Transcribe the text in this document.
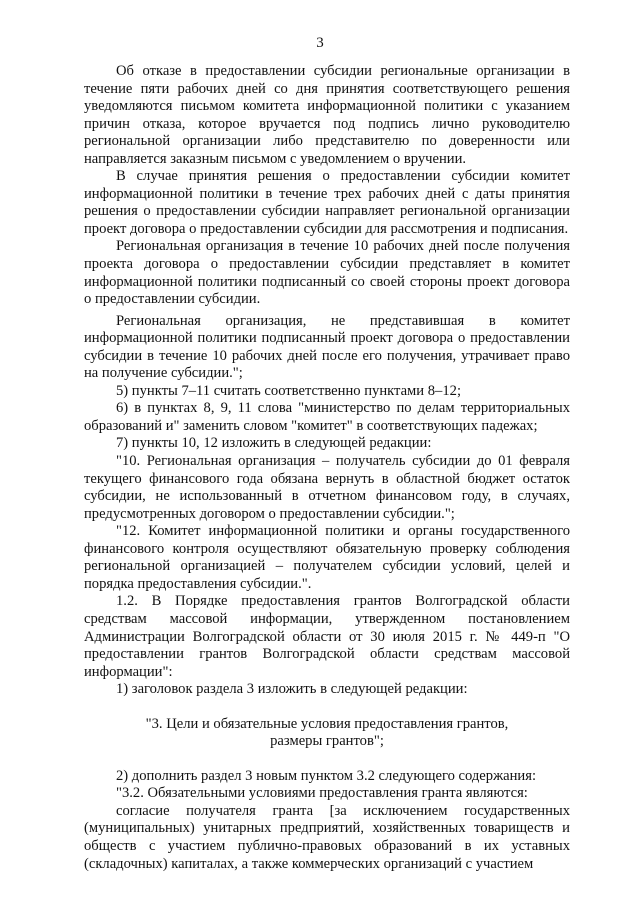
3

Об отказе в предоставлении субсидии региональные организации в течение пяти рабочих дней со дня принятия соответствующего решения уведомляются письмом комитета информационной политики с указанием причин отказа, которое вручается под подпись лично руководителю региональной организации либо представителю по доверенности или направляется заказным письмом с уведомлением о вручении.

В случае принятия решения о предоставлении субсидии комитет информационной политики в течение трех рабочих дней с даты принятия решения о предоставлении субсидии направляет региональной организации проект договора о предоставлении субсидии для рассмотрения и подписания.

Региональная организация в течение 10 рабочих дней после получения проекта договора о предоставлении субсидии представляет в комитет информационной политики подписанный со своей стороны проект договора о предоставлении субсидии.

Региональная организация, не представившая в комитет информационной политики подписанный проект договора о предоставлении субсидии в течение 10 рабочих дней после его получения, утрачивает право на получение субсидии.";

5) пункты 7–11 считать соответственно пунктами 8–12;

6) в пунктах 8, 9, 11 слова "министерство по делам территориальных образований и" заменить словом "комитет" в соответствующих падежах;

7) пункты 10, 12 изложить в следующей редакции:

"10. Региональная организация – получатель субсидии до 01 февраля текущего финансового года обязана вернуть в областной бюджет остаток субсидии, не использованный в отчетном финансовом году, в случаях, предусмотренных договором о предоставлении субсидии.";

"12. Комитет информационной политики и органы государственного финансового контроля осуществляют обязательную проверку соблюдения региональной организацией – получателем субсидии условий, целей и порядка предоставления субсидии.".

1.2. В Порядке предоставления грантов Волгоградской области средствам массовой информации, утвержденном постановлением Администрации Волгоградской области от 30 июля 2015 г. № 449-п "О предоставлении грантов Волгоградской области средствам массовой информации":

1) заголовок раздела 3 изложить в следующей редакции:

"3. Цели и обязательные условия предоставления грантов, размеры грантов";

2) дополнить раздел 3 новым пунктом 3.2 следующего содержания:

"3.2. Обязательными условиями предоставления гранта являются:

согласие получателя гранта [за исключением государственных (муниципальных) унитарных предприятий, хозяйственных товариществ и обществ с участием публично-правовых образований в их уставных (складочных) капиталах, а также коммерческих организаций с участием
